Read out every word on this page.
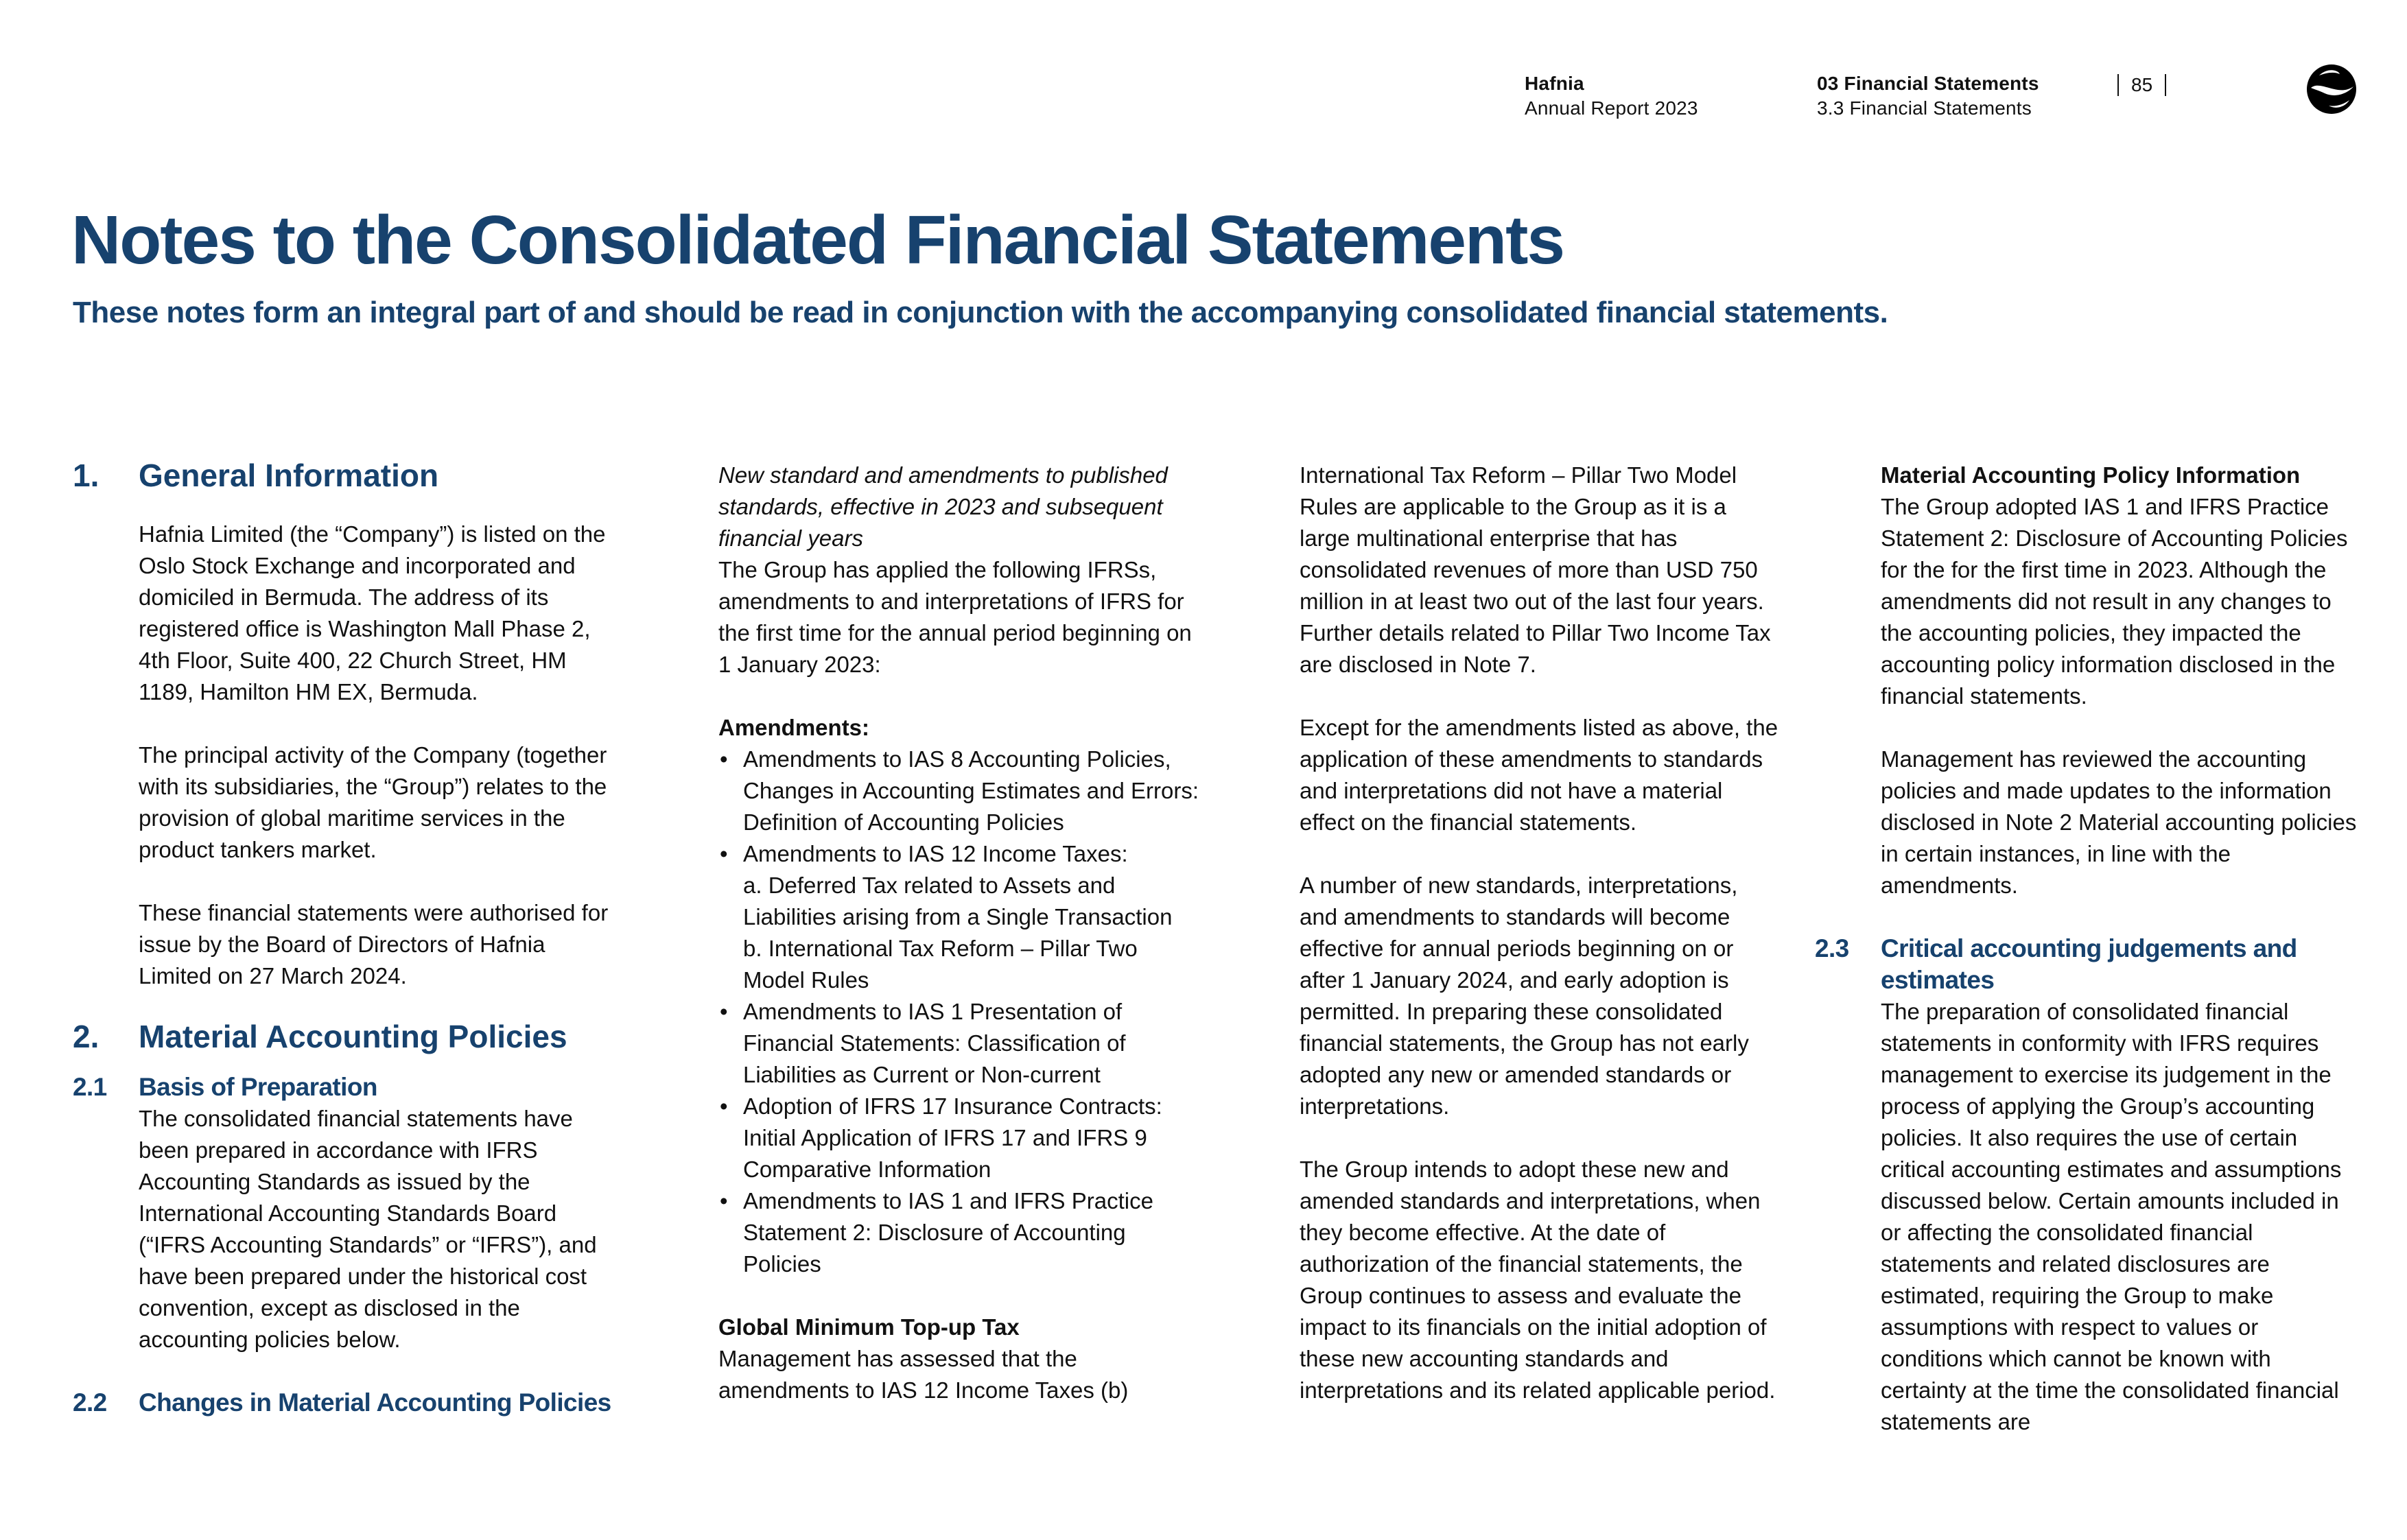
Hafnia
Annual Report 2023
03 Financial Statements
3.3 Financial Statements
85
Notes to the Consolidated Financial Statements
These notes form an integral part of and should be read in conjunction with the accompanying consolidated financial statements.
1.	General Information

Hafnia Limited (the “Company”) is listed on the Oslo Stock Exchange and incorporated and domiciled in Bermuda. The address of its registered office is Washington Mall Phase 2, 4th Floor, Suite 400, 22 Church Street, HM 1189, Hamilton HM EX, Bermuda.

The principal activity of the Company (together with its subsidiaries, the “Group”) relates to the provision of global maritime services in the product tankers market.

These financial statements were authorised for issue by the Board of Directors of Hafnia Limited on 27 March 2024.

2.	Material Accounting Policies
2.1	Basis of Preparation

The consolidated financial statements have been prepared in accordance with IFRS Accounting Standards as issued by the International Accounting Standards Board (“IFRS Accounting Standards” or “IFRS”), and have been prepared under the historical cost convention, except as disclosed in the accounting policies below.

2.2	Changes in Material Accounting Policies

New standard and amendments to published standards, effective in 2023 and subsequent financial years

The Group has applied the following IFRSs, amendments to and interpretations of IFRS for the first time for the annual period beginning on 1 January 2023:

Amendments:

• Amendments to IAS 8 Accounting Policies, Changes in Accounting Estimates and Errors: Definition of Accounting Policies
• Amendments to IAS 12 Income Taxes:
a. Deferred Tax related to Assets and Liabilities arising from a Single Transaction
b. International Tax Reform – Pillar Two Model Rules
• Amendments to IAS 1 Presentation of Financial Statements: Classification of Liabilities as Current or Non-current
• Adoption of IFRS 17 Insurance Contracts: Initial Application of IFRS 17 and IFRS 9 Comparative Information
• Amendments to IAS 1 and IFRS Practice Statement 2: Disclosure of Accounting Policies

Global Minimum Top-up Tax

Management has assessed that the amendments to IAS 12 Income Taxes (b)

International Tax Reform – Pillar Two Model Rules are applicable to the Group as it is a large multinational enterprise that has consolidated revenues of more than USD 750 million in at least two out of the last four years. Further details related to Pillar Two Income Tax are disclosed in Note 7.

Except for the amendments listed as above, the application of these amendments to standards and interpretations did not have a material effect on the financial statements.

A number of new standards, interpretations, and amendments to standards will become effective for annual periods beginning on or after 1 January 2024, and early adoption is permitted. In preparing these consolidated financial statements, the Group has not early adopted any new or amended standards or interpretations.

The Group intends to adopt these new and amended standards and interpretations, when they become effective. At the date of authorization of the financial statements, the Group continues to assess and evaluate the impact to its financials on the initial adoption of these new accounting standards and interpretations and its related applicable period.

Material Accounting Policy Information

The Group adopted IAS 1 and IFRS Practice Statement 2: Disclosure of Accounting Policies for the for the first time in 2023. Although the amendments did not result in any changes to the accounting policies, they impacted the accounting policy information disclosed in the financial statements.

Management has reviewed the accounting policies and made updates to the information disclosed in Note 2 Material accounting policies in certain instances, in line with the amendments.

2.3	Critical accounting judgements and estimates

The preparation of consolidated financial statements in conformity with IFRS requires management to exercise its judgement in the process of applying the Group’s accounting policies. It also requires the use of certain critical accounting estimates and assumptions discussed below. Certain amounts included in or affecting the consolidated financial statements and related disclosures are estimated, requiring the Group to make assumptions with respect to values or conditions which cannot be known with certainty at the time the consolidated financial statements are
